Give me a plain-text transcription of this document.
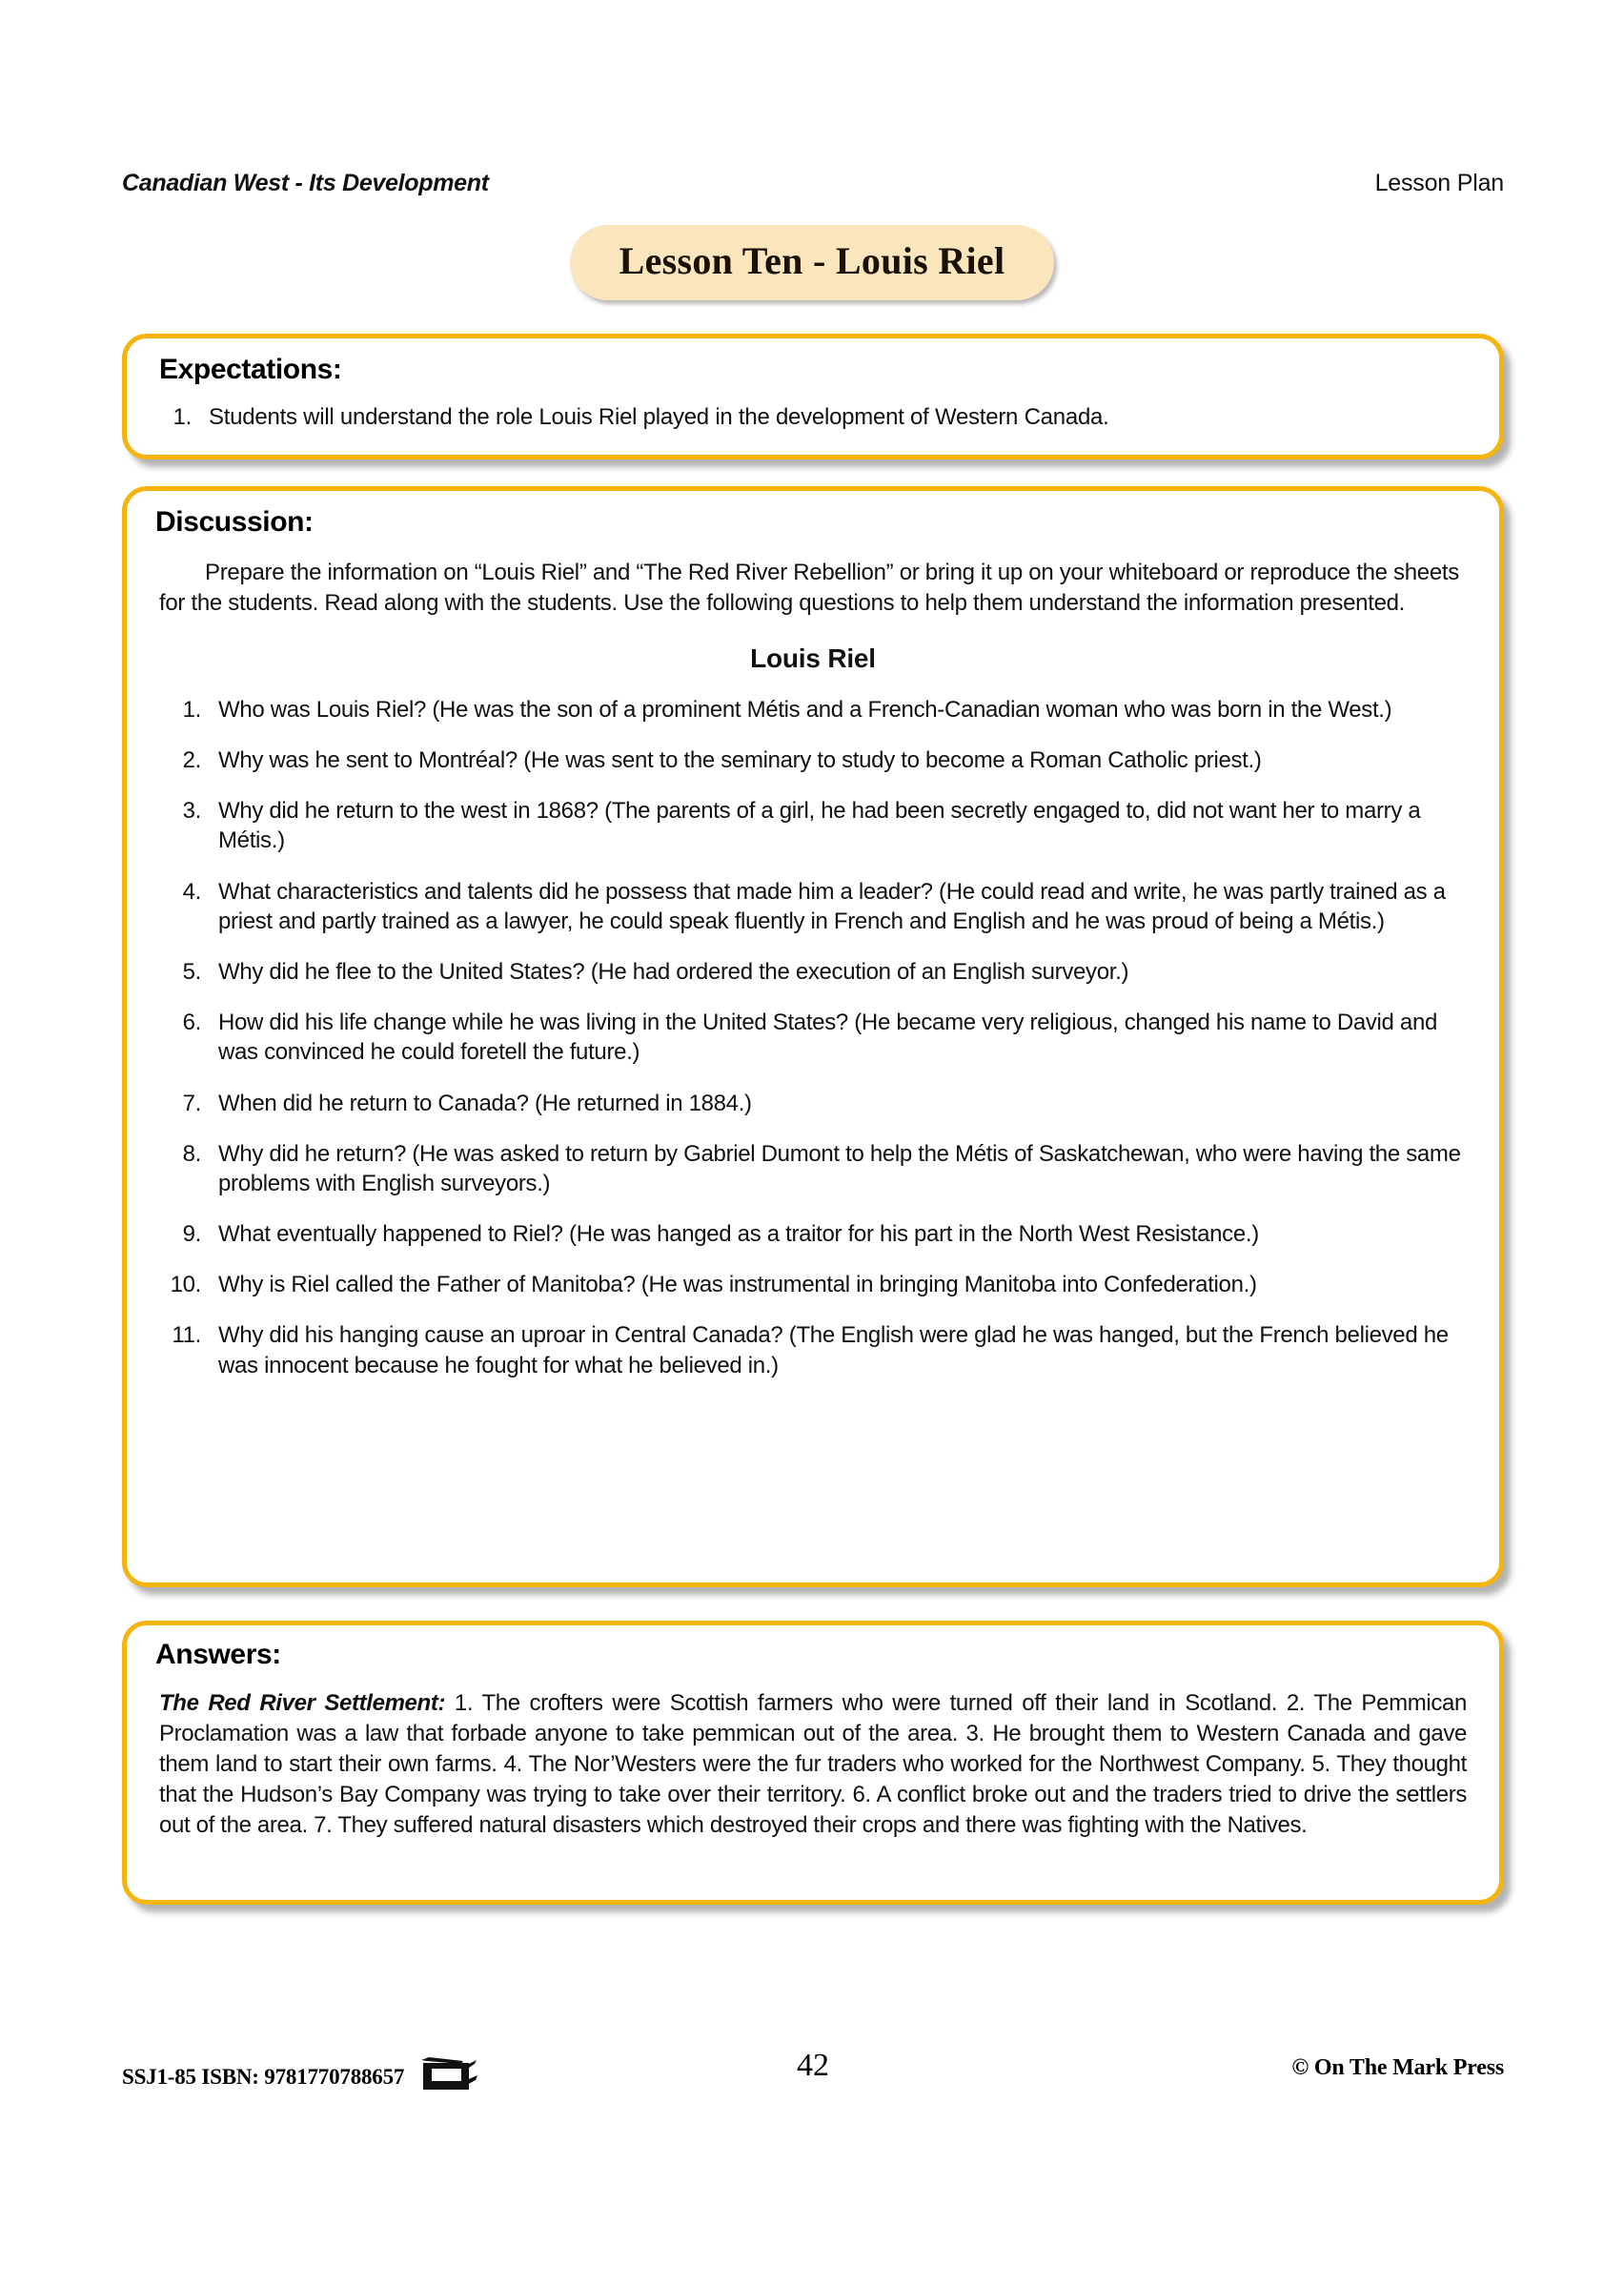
Canadian West - Its Development	Lesson Plan
Lesson Ten - Louis Riel
Expectations:
1. Students will understand the role Louis Riel played in the development of Western Canada.
Discussion:

Prepare the information on “Louis Riel” and “The Red River Rebellion” or bring it up on your whiteboard or reproduce the sheets for the students. Read along with the students. Use the following questions to help them understand the information presented.

Louis Riel
1. Who was Louis Riel? (He was the son of a prominent Métis and a French-Canadian woman who was born in the West.)
2. Why was he sent to Montréal? (He was sent to the seminary to study to become a Roman Catholic priest.)
3. Why did he return to the west in 1868? (The parents of a girl, he had been secretly engaged to, did not want her to marry a Métis.)
4. What characteristics and talents did he possess that made him a leader? (He could read and write, he was partly trained as a priest and partly trained as a lawyer, he could speak fluently in French and English and he was proud of being a Métis.)
5. Why did he flee to the United States? (He had ordered the execution of an English surveyor.)
6. How did his life change while he was living in the United States? (He became very religious, changed his name to David and was convinced he could foretell the future.)
7. When did he return to Canada? (He returned in 1884.)
8. Why did he return? (He was asked to return by Gabriel Dumont to help the Métis of Saskatchewan, who were having the same problems with English surveyors.)
9. What eventually happened to Riel? (He was hanged as a traitor for his part in the North West Resistance.)
10. Why is Riel called the Father of Manitoba? (He was instrumental in bringing Manitoba into Confederation.)
11. Why did his hanging cause an uproar in Central Canada? (The English were glad he was hanged, but the French believed he was innocent because he fought for what he believed in.)
Answers:

The Red River Settlement: 1. The crofters were Scottish farmers who were turned off their land in Scotland. 2. The Pemmican Proclamation was a law that forbade anyone to take pemmican out of the area. 3. He brought them to Western Canada and gave them land to start their own farms. 4. The Nor’Westers were the fur traders who worked for the Northwest Company. 5. They thought that the Hudson’s Bay Company was trying to take over their territory. 6. A conflict broke out and the traders tried to drive the settlers out of the area. 7. They suffered natural disasters which destroyed their crops and there was fighting with the Natives.

42
SSJ1-85 ISBN: 9781770788657	© On The Mark Press
